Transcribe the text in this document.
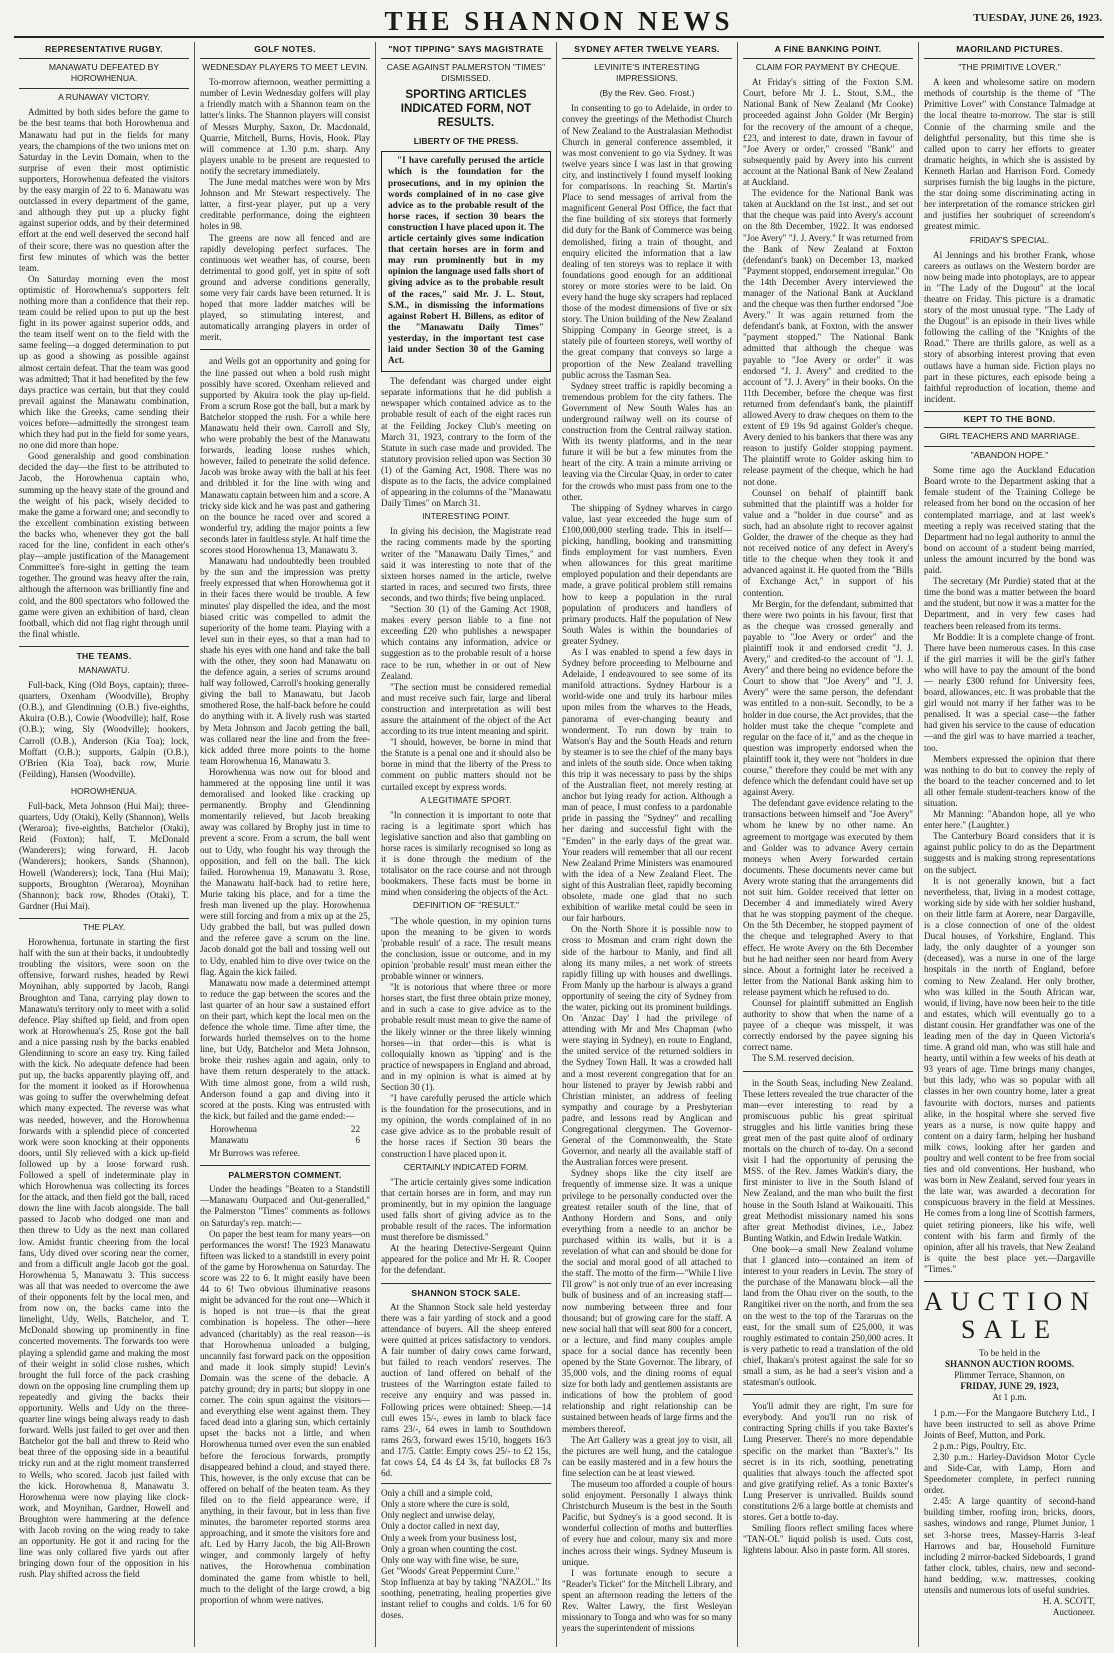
THE SHANNON NEWS	TUESDAY, JUNE 26, 1923.
REPRESENTATIVE RUGBY.
MANAWATU DEFEATED BY HOROWHENUA.
A RUNAWAY VICTORY.

Admitted by both sides before the game to be the best teams that both Horowhenua and Manawatu had put in the fields for many years, the champions of the two unions met on Saturday in the Levin Domain, when to the surprise of even their most optimistic supporters, Horowhenua defeated the visitors by the easy margin of 22 to 6. Manawatu was outclassed in every department of the game, and although they put up a plucky fight against superior odds, and by their determined effort at the end well deserved the second half of their score, there was no question after the first few minutes of which was the better team.

On Saturday morning even the most optimistic of Horowhenua's supporters felt nothing more than a confidence that their rep. team could be relied upon to put up the best fight in its power against superior odds, and the team itself went on to the field with the same feeling—a dogged determination to put up as good a showing as possible against almost certain defeat. That the team was good was admitted; That it had benefited by the few days practice was certain, but that they could prevail against the Manawatu combination, which like the Greeks, came sending their voices before—admittedly the strongest team which they had put in the field for some years, no one did more than hope.

Good generalship and good combination decided the day—the first to be attributed to Jacob, the Horowhenua captain who, summing up the heavy state of the ground and the weight of his pack, wisely decided to make the game a forward one; and secondly to the excellent combination existing between the backs who, whenever they got the ball raced for the line, confident in each other's play—ample justification of the Management Committee's fore-sight in getting the team together. The ground was heavy after the rain, although the afternoon was brilliantly fine and cold, and the 800 spectators who followed the game were given an exhibition of hard, clean football, which did not flag right through until the final whistle.

THE TEAMS.
MANAWATU.

Full-back, King (Old Boys, captain); three-quarters, Oxenham (Woodville), Brophy (O.B.), and Glendinning (O.B.) five-eighths, Akuira (O.B.), Cowie (Woodville); half, Rose (O.B.); wing, Sly (Woodville); hookers, Carroll (O.B.), Anderson (Kia Toa); lock, Moffatt (O.B.); supports, Galpin (O.B.), O'Brien (Kia Toa), back row, Murie (Feilding), Hansen (Woodville).

HOROWHENUA.

Full-back, Meta Johnson (Hui Mai); three-quarters, Udy (Otaki), Kelly (Shannon), Wells (Weraroa); five-eighths, Batchelor (Otaki), Reid (Foxton); half, T. McDonald (Wanderers); wing forward, H. Jacob (Wanderers); hookers, Sands (Shannon), Howell (Wanderers); lock, Tana (Hui Mai); supports, Broughton (Weraroa), Moynihan (Shannon); back row, Rhodes (Otaki), T. Gardner (Hui Mai).

THE PLAY.

Horowhenua, fortunate in starting the first half with the sun at their backs, it undoubtedly troubling the visitors, were soon on the offensive, forward rushes, headed by Rewi Moynihan, ably supported by Jacob, Rangi Broughton and Tana, carrying play down to Manawatu's territory only to meet with a solid defence. Play shifted up field, and from open work at Horowhenua's 25, Rose got the ball and a nice passing rush by the backs enabled Glendinning to score an easy try. King failed with the kick. No adequate defence had been put up, the backs apparently playing off, and for the moment it looked as if Horowhenua was going to suffer the overwhelming defeat which many expected. The reverse was what was needed, however, and the Horowhenua forwards with a splendid piece of concerted work were soon knocking at their opponents doors, until Sly relieved with a kick up-field followed up by a loose forward rush. Followed a spell of indeterminate play in which Horowhenua was collecting its forces for the attack, and then field got the ball, raced down the line with Jacob alongside. The ball passed to Jacob who dodged one man and then threw to Udy as the next man collared low. Amidst frantic cheering from the local fans, Udy dived over scoring near the corner, and from a difficult angle Jacob got the goal. Horowhenua 5, Manawatu 3. This success was all that was needed to overcome the awe of their opponents felt by the local men, and from now on, the backs came into the limelight, Udy, Wells, Batchelor, and T. McDonald showing up prominently in fine concerted movements. The forwards too were playing a splendid game and making the most of their weight in solid close rushes, which brought the full force of the pack crashing down on the opposing line crumpling them up repeatedly and giving the backs their opportunity. Wells and Udy on the three-quarter line wings being always ready to dash forward. Wells just failed to get over and then Batchelor got the ball and threw to Reid who beat three of the opposing side in a beautiful tricky run and at the right moment transferred to Wells, who scored. Jacob just failed with the kick. Horowhenua 8, Manawatu 3. Horowhenua were now playing like clock-work, and Moynihan, Gardner, Howell and Broughton were hammering at the defence with Jacob roving on the wing ready to take an opportunity. He got it and racing for the line was only collared five yards out after bringing down four of the opposition in his rush. Play shifted across the field

GOLF NOTES.
WEDNESDAY PLAYERS TO MEET LEVIN.

To-morrow afternoon, weather permitting a number of Levin Wednesday golfers will play a friendly match with a Shannon team on the latter's links. The Shannon players will consist of Messrs Murphy, Saxon, Dr. Macdonald, Quarrie, Mitchell, Burns, Hovis, Hook. Play will commence at 1.30 p.m. sharp. Any players unable to be present are requested to notify the secretary immediately.

The June medal matches were won by Mrs Johnson and Mr Stewart respectively. The latter, a first-year player, put up a very creditable performance, doing the eighteen holes in 98.

The greens are now all fenced and are rapidly developing perfect surfaces. The continuous wet weather has, of course, been detrimental to good golf, yet in spite of soft ground and adverse conditions generally, some very fair cards have been returned. It is hoped that more ladder matches will be played, so stimulating interest, and automatically arranging players in order of merit.

and Wells got an opportunity and going for the line passed out when a bold rush might possibly have scored. Oxenham relieved and supported by Akuira took the play up-field. From a scrum Rose got the ball, but a mark by Batchelor stopped the rush. For a while here Manawatu held their own. Carroll and Sly, who were probably the best of the Manawatu forwards, leading loose rushes which, however, failed to penetrate the solid defence. Jacob was broke away with the ball at his feet and dribbled it for the line with wing and Manawatu captain between him and a score. A tricky side kick and he was past and gathering on the bounce he raced over and scored a wonderful try, adding the major points a few seconds later in faultless style. At half time the scores stood Horowhenua 13, Manawatu 3.

Manawatu had undoubtedly been troubled by the sun and the impression was pretty freely expressed that when Horowhenua got it in their faces there would be trouble. A few minutes' play dispelled the idea, and the most biased critic was compelled to admit the superiority of the home team. Playing with a level sun in their eyes, so that a man had to shade his eyes with one hand and take the ball with the other, they soon had Manawatu on the defence again, a series of scrums around half way followed, Carroll's hooking generally giving the ball to Manawatu, but Jacob smothered Rose, the half-back before he could do anything with it. A lively rush was started by Meta Johnson and Jacob getting the ball, was collared near the line and from the free-kick added three more points to the home team Horowhenua 16, Manawatu 3.

Horowhenua was now out for blood and hammered at the opposing line until it was demoralised and looked like cracking up permanently. Brophy and Glendinning momentarily relieved, but Jacob breaking away was collared by Brophy just in time to prevent a score. From a scrum, the ball went out to Udy, who fought his way through the opposition, and fell on the ball. The kick failed. Horowhenua 19, Manawatu 3. Rose, the Manawatu half-back had to retire here, Murie taking his place, and for a time the fresh man livened up the play. Horowhenua were still forcing and from a mix up at the 25, Udy grabbed the ball, but was pulled down and the referee gave a scrum on the line. Jacob donald got the ball and tossing well out to Udy, enabled him to dive over twice on the flag. Again the kick failed.

Manawatu now made a determined attempt to reduce the gap between the scores and the last quarter of an hour saw a sustained effort on their part, which kept the local men on the defence the whole time. Time after time, the forwards hurled themselves on to the home line, but Udy, Batchelor and Meta Johnson, broke their rushes again and again, only to have them return desperately to the attack. With time almost gone, from a wild rush, Anderson found a gap and diving into it scored at the posts. King was entrusted with the kick, but failed and the game ended:—

Horowhenua	22
Manawatu	6

Mr Burrows was referee.

PALMERSTON COMMENT.

Under the headings "Beaten to a Standstill—Manawatu Outpaced and Out-generalled," the Palmerston "Times" comments as follows on Saturday's rep. match:—

On paper the best team for many years—on performances the worst! The 1923 Manawatu fifteen was licked to a standstill in every point of the game by Horowhenua on Saturday. The score was 22 to 6. It might easily have been 44 to 6! Two obvious illuminative reasons might be advanced for the rout one—Which it is hoped is not true—is that the great combination is hopeless. The other—here advanced (charitably) as the real reason—is that Horowhenua unloaded a bulging, uncannily fast forward pack on the opposition and made it look simply stupid! Levin's Domain was the scene of the debacle. A patchy ground; dry in parts; but sloppy in one corner. The coin spun against the visitors—and everything else went against them. They faced dead into a glaring sun, which certainly upset the backs not a little, and when Horowhenua turned over even the sun enabled before the ferocious forwards, promptly disappeared behind a cloud, and stayed there. This, however, is the only excuse that can be offered on behalf of the beaten team. As they filed on to the field appearance were, if anything, in their favour, but in less than five minutes, the barometer reported storms area approaching, and it smote the visitors fore and aft. Led by Harry Jacob, the big All-Brown winger, and commonly largely of hefty natives, the Horowhenua combination dominated the game from whistle to bell, much to the delight of the large crowd, a big proportion of whom were natives.

"NOT TIPPING" SAYS MAGISTRATE
CASE AGAINST PALMERSTON "TIMES" DISMISSED.
SPORTING ARTICLES INDICATED FORM, NOT RESULTS.
LIBERTY OF THE PRESS.

"I have carefully perused the article which is the foundation for the prosecutions, and in my opinion the words complained of in no case give advice as to the probable result of the horse races, if section 30 bears the construction I have placed upon it. The article certainly gives some indication that certain horses are in form and may run prominently but in my opinion the language used falls short of giving advice as to the probable result of the races," said Mr. J. L. Stout, S.M., in dismissing the informations against Robert H. Billens, as editor of the "Manawatu Daily Times" yesterday, in the important test case laid under Section 30 of the Gaming Act.

The defendant was charged under eight separate informations that he did publish a newspaper which contained advice as to the probable result of each of the eight races run at the Feilding Jockey Club's meeting on March 31, 1923, contrary to the form of the Statute in such case made and provided. The statutory provision relied upon was Section 30 (1) of the Gaming Act, 1908. There was no dispute as to the facts, the advice complained of appearing in the columns of the "Manawatu Daily Times" on March 31.

INTERESTING POINT.

In giving his decision, the Magistrate read the racing comments made by the sporting writer of the "Manawatu Daily Times," and said it was interesting to note that of the sixteen horses named in the article, twelve started in races, and secured two firsts, three seconds, and two thirds; five being unplaced.

"Section 30 (1) of the Gaming Act 1908, makes every person liable to a fine not exceeding £20 who publishes a newspaper which contains any information, advice or suggestion as to the probable result of a horse race to be run, whether in or out of New Zealand.

"The section must be considered remedial and must receive such fair, large and liberal construction and interpretation as will best assure the attainment of the object of the Act according to its true intent meaning and spirit.

"I should, however, be borne in mind that the Statute is a penal one and it should also be borne in mind that the liberty of the Press to comment on public matters should not be curtailed except by express words.

A LEGITIMATE SPORT.

"In connection it is important to note that racing is a legitimate sport which has legislative sanction and also that gambling on horse races is similarly recognised so long as it is done through the medium of the totalisator on the race course and not through bookmakers. These facts must be borne in mind when considering the objects of the Act.

DEFINITION OF "RESULT."

"The whole question, in my opinion turns upon the meaning to be given to words 'probable result' of a race. The result means the conclusion, issue or outcome, and in my opinion 'probable result' must mean either the probable winner or winners.

"It is notorious that where three or more horses start, the first three obtain prize money, and in such a case to give advice as to the probable result must mean to give the name of the likely winner or the three likely winning horses—in that order—this is what is colloquially known as 'tipping' and is the practice of newspapers in England and abroad, and in my opinion is what is aimed at by Section 30 (1).

"I have carefully perused the article which is the foundation for the prosecutions, and in my opinion, the words complained of in no case give advice as to the probable result of the horse races if Section 30 bears the construction I have placed upon it.

CERTAINLY INDICATED FORM.

"The article certainly gives some indication that certain horses are in form, and may run prominently, but in my opinion the language used falls short of giving advice as to the probable result of the races. The information must therefore be dismissed."

At the hearing Detective-Sergeant Quinn appeared for the police and Mr H. R. Cooper for the defendant.

SHANNON STOCK SALE.

At the Shannon Stock sale held yesterday there was a fair yarding of stock and a good attendance of buyers. All the sheep entered were quitted at prices satisfactory to vendors. A fair number of dairy cows came forward, but failed to reach vendors' reserves. The auction of land offered on behalf of the trustees of the Warrington estate failed to receive any enquiry and was passed in. Following prices were obtained: Sheep.—14 cull ewes 15/-, ewes in lamb to black face rams 23/-, 64 ewes in lamb to Southdown rams 26/3, forward ewes 15/10, hoggets 16/3 and 17/5. Cattle: Empty cows 25/- to £2 15s, fat cows £4, £4 4s £4 3s, fat bullocks £8 7s 6d.

Only a chill and a simple cold,

Only a store where the cure is sold,

Only neglect and unwise delay,

Only a doctor called in next day,

Only a week from your business lost,

Only a groan when counting the cost.

Only one way with fine wise, be sure,

Get "Woods' Great Peppermint Cure."

Stop Influenza at bay by taking "NAZOL." Its soothing, penetrating, healing properties give instant relief to coughs and colds. 1/6 for 60 doses.

SYDNEY AFTER TWELVE YEARS.
LEVINITE'S INTERESTING IMPRESSIONS.
(By the Rev. Geo. Frost.)

In consenting to go to Adelaide, in order to convey the greetings of the Methodist Church of New Zealand to the Australasian Methodist Church in general conference assembled, it was most convenient to go via Sydney. It was twelve years since I was last in that growing city, and instinctively I found myself looking for comparisons. In reaching St. Martin's Place to send messages of arrival from the magnificent General Post Office, the fact that the fine building of six storeys that formerly did duty for the Bank of Commerce was being demolished, firing a train of thought, and enquiry elicited the information that a law dealing of ten storeys was to replace it with foundations good enough for an additional storey or more stories were to be laid. On every hand the huge sky scrapers had replaced those of the modest dimensions of five or six story. The Union building of the New Zealand Shipping Company in George street, is a stately pile of fourteen storeys, well worthy of the great company that conveys so large a proportion of the New Zealand travelling public across the Tasman Sea.

Sydney street traffic is rapidly becoming a tremendous problem for the city fathers. The Government of New South Wales has an underground railway well on its course of construction from the Central railway station. With its twenty platforms, and in the near future it will be but a few minutes from the heart of the city. A train a minute arriving or leaving via the Circular Quay, in order to cater for the crowds who must pass from one to the other.

The shipping of Sydney wharves in cargo value, last year exceeded the huge sum of £100,000,000 sterling trade. This in itself—picking, handling, booking and transmitting finds employment for vast numbers. Even when allowances for this great maritime employed population and their dependants are made, a grave political problem still remains how to keep a population in the rural population of producers and handlers of primary products. Half the population of New South Wales is within the boundaries of greater Sydney.

As I was enabled to spend a few days in Sydney before proceeding to Melbourne and Adelaide, I endeavoured to see some of its manifold attractions. Sydney Harbour is a world-wide one and truly its harbour miles upon miles from the wharves to the Heads, panorama of ever-changing beauty and wonderment. To run down by train to Watson's Bay and the South Heads and return by steamer is to see the chief of the many bays and inlets of the south side. Once when taking this trip it was necessary to pass by the ships of the Australian fleet, not merely resting at anchor but lying ready for action. Although a man of peace, I must confess to a pardonable pride in passing the "Sydney" and recalling her daring and successful fight with the "Emden" in the early days of the great war. Your readers will remember that all our recent New Zealand Prime Ministers was enamoured with the idea of a New Zealand Fleet. The sight of this Australian fleet, rapidly becoming obsolete, made one glad that no such exhibition of warlike metal could be seen in our fair harbours.

On the North Shore it is possible now to cross to Mosman and cram right down the side of the harbour to Manly, and find all along its many miles, a net work of streets rapidly filling up with houses and dwellings. From Manly up the harbour is always a grand opportunity of seeing the city of Sydney from the water, picking out its prominent buildings. On 'Anzac Day' I had the privilege of attending with Mr and Mrs Chapman (who were staying in Sydney), en route to England, the united service of the returned soldiers in the Sydney Town Hall. It was a crowded hall and a most reverent congregation that for an hour listened to prayer by Jewish rabbi and Christian minister, an address of feeling sympathy and courage by a Presbyterian padre, and lessons read by Anglican and Congregational clergymen. The Governor-General of the Commonwealth, the State Governor, and nearly all the available staff of the Australian forces were present.

Sydney shops like the city itself are frequently of immense size. It was a unique privilege to be personally conducted over the greatest retailer south of the line, that of Anthony Hordern and Sons, and only everything from a needle to an anchor be purchased within its walls, but it is a revelation of what can and should be done for the social and moral good of all attached to the staff. The motto of the firm—"While I live I'll grow" is not only true of an ever increasing bulk of business and of an increasing staff—now numbering between three and four thousand; but of growing care for the staff. A new social hall that will seat 800 for a concert, or a lecture, and find many couples ample space for a social dance has recently been opened by the State Governor. The library, of 35,000 vols, and the dining rooms of equal size for both lady and gentlemen assistants are indications of how the problem of good relationship and right relationship can be sustained between heads of large firms and the members thereof.

The Art Gallery was a great joy to visit, all the pictures are well hung, and the catalogue can be easily mastered and in a few hours the fine selection can be at least viewed.

The museum too afforded a couple of hours solid enjoyment. Personally I always think Christchurch Museum is the best in the South Pacific, but Sydney's is a good second. It is wonderful collection of moths and butterflies of every hue and colour, many six and more inches across their wings. Sydney Museum is unique.

I was fortunate enough to secure a "Reader's Ticket" for the Mitchell Library, and spent an afternoon reading the letters of the Rev. Walter Lawry, the first Wesleyan missionary to Tonga and who was for so many years the superintendent of missions

A FINE BANKING POINT.
CLAIM FOR PAYMENT BY CHEQUE.

At Friday's sitting of the Foxton S.M. Court, before Mr J. L. Stout, S.M., the National Bank of New Zealand (Mr Cooke) proceeded against John Golder (Mr Bergin) for the recovery of the amount of a cheque, £23, and interest to date, drawn in favour of "Joe Avery or order," crossed "Bank" and subsequently paid by Avery into his current account at the National Bank of New Zealand at Auckland.

The evidence for the National Bank was taken at Auckland on the 1st inst., and set out that the cheque was paid into Avery's account on the 8th December, 1922. It was endorsed "Joe Avery" "J. J. Avery." It was returned from the Bank of New Zealand at Foxton (defendant's bank) on December 13, marked "Payment stopped, endorsement irregular." On the 14th December Avery interviewed the manager of the National Bank at Auckland and the cheque was then further endorsed "Joe Avery." It was again returned from the defendant's bank, at Foxton, with the answer "payment stopped." The National Bank admitted that although the cheque was payable to "Joe Avery or order" it was endorsed "J. J. Avery" and credited to the account of "J. J. Avery" in their books. On the 11th December, before the cheque was first returned from defendant's bank, the plaintiff allowed Avery to draw cheques on them to the extent of £9 19s 9d against Golder's cheque. Avery denied to his bankers that there was any reason to justify Golder stopping payment. The plaintiff wrote to Golder asking him to release payment of the cheque, which he had not done.

Counsel on behalf of plaintiff bank submitted that the plaintiff was a holder for value and a "holder in due course" and as such, had an absolute right to recover against Golder, the drawer of the cheque as they had not received notice of any defect in Avery's title to the cheque when they took it and advanced against it. He quoted from the "Bills of Exchange Act," in support of his contention.

Mr Bergin, for the defendant, submitted that there were two points in his favour, first that as the cheque was crossed generally and payable to "Joe Avery or order" and the plaintiff took it and endorsed credit "J. J. Avery," and credited-to the account of "J. J. Avery" and there being no evidence before the Court to show that "Joe Avery" and "J. J. Avery" were the same person, the defendant was entitled to a non-suit. Secondly, to be a holder in due course, the Act provides, that the holder must take the cheque "complete and regular on the face of it," and as the cheque in question was improperly endorsed when the plaintiff took it, they were not "holders in due course," therefore they could be met with any defence which the defendant could have set up against Avery.

The defendant gave evidence relating to the transactions between himself and "Joe Avery" whom he knew by no other name. An agreement to mortgage was executed by them and Golder was to advance Avery certain moneys when Avery forwarded certain documents. These documents never came but Avery wrote stating that the arrangements did not suit him. Golder received that letter on December 4 and immediately wired Avery that he was stopping payment of the cheque. On the 5th December, he stopped payment of the cheque and telegraphed Avery to that effect. He wrote Avery on the 6th December but he had neither seen nor heard from Avery since. About a fortnight later he received a letter from the National Bank asking him to release payment which he refused to do.

Counsel for plaintiff submitted an English authority to show that when the name of a payee of a cheque was misspelt, it was correctly endorsed by the payee signing his correct name.

The S.M. reserved decision.

in the South Seas, including New Zealand. These letters revealed the true character of the man—ever interesting to read by a promiscuous public his great spiritual struggles and his little vanities bring these great men of the past quite aloof of ordinary mortals on the church of to-day. On a second visit I had the opportunity of perusing the MSS. of the Rev. James Watkin's diary, the first minister to live in the South Island of New Zealand, and the man who built the first house in the South Island at Waikouaiti. This great Methodist missionary named his sons after great Methodist divines, i.e., Jabez Bunting Watkin, and Edwin Iredale Watkin.

One book—a small New Zealand volume that I glanced into—contained an item of interest to your readers in Levin. The story of the purchase of the Manawatu block—all the land from the Ohau river on the south, to the Rangitikei river on the north, and from the sea on the west to the top of the Tararuas on the east, for the small sum of £25,000, it was roughly estimated to contain 250,000 acres. It is very pathetic to read a translation of the old chief, Ihakara's protest against the sale for so small a sum, as he had a seer's vision and a statesman's outlook.

You'll admit they are right, I'm sure for everybody. And you'll run no risk of contracting Spring chills if you take Baxter's Lung Preserver. There's no more dependable specific on the market than "Baxter's." Its secret is in its rich, soothing, penetrating qualities that always touch the affected spot and give gratifying relief. As a tonic Baxter's Lung Preserver is unrivalled. Builds sound constitutions 2/6 a large bottle at chemists and stores. Get a bottle to-day.

Smiling floors reflect smiling faces where "TAN-OL" liquid polish is used. Cuts cost, lightens labour. Also in paste form. All stores.

MAORILAND PICTURES.
"THE PRIMITIVE LOVER."

A keen and wholesome satire on modern methods of courtship is the theme of "The Primitive Lover" with Constance Talmadge at the local theatre to-morrow. The star is still Connie of the charming smile and the delightful personality, but this time she is called upon to carry her efforts to greater dramatic heights, in which she is assisted by Kenneth Harlan and Harrison Ford. Comedy surprises furnish the big laughs in the picture, the star doing some discriminating acting in her interpretation of the romance stricken girl and justifies her soubriquet of screendom's greatest mimic.

FRIDAY'S SPECIAL.

Al Jennings and his brother Frank, whose careers as outlaws on the Western border are now being made into photoplays, are to appear in "The Lady of the Dugout" at the local theatre on Friday. This picture is a dramatic story of the most unusual type. "The Lady of the Dugout" is an episode in their lives while following the calling of the "Knights of the Road." There are thrills galore, as well as a story of absorbing interest proving that even outlaws have a human side. Fiction plays no part in these pictures, each episode being a faithful reproduction of location, theme and incident.

KEPT TO THE BOND.
GIRL TEACHERS AND MARRIAGE.
"ABANDON HOPE."

Some time ago the Auckland Education Board wrote to the Department asking that a female student of the Training College be released from her bond on the occasion of her contemplated marriage, and at last week's meeting a reply was received stating that the Department had no legal authority to annul the bond on account of a student being married, unless the amount incurred by the bond was paid.

The secretary (Mr Purdie) stated that at the time the bond was a matter between the board and the student, but now it was a matter for the Department, and in very few cases had teachers been released from its terms.

Mr Boddie: It is a complete change of front. There have been numerous cases. In this case if the girl marries it will be the girl's father who will have to pay the amount of the bond — nearly £300 refund for University fees, board, allowances, etc. It was probable that the girl would not marry if her father was to be penalised. It was a special case—the father had given his service to the cause of education—and the girl was to have married a teacher, too.

Members expressed the opinion that there was nothing to do but to convey the reply of the board to the teacher concerned and to let all other female student-teachers know of the situation.

Mr Manning: "Abandon hope, all ye who enter here." (Laughter.)

The Canterbury Board considers that it is against public policy to do as the Department suggests and is making strong representations on the subject.

It is not generally known, but a fact nevertheless, that, living in a modest cottage, working side by side with her soldier husband, on their little farm at Aorere, near Dargaville, is a close connection of one of the oldest Ducal houses, of Yorkshire, England. This lady, the only daughter of a younger son (deceased), was a nurse in one of the large hospitals in the north of England, before coming to New Zealand. Her only brother, who was killed in the South African war, would, if living, have now been heir to the title and estates, which will eventually go to a distant cousin. Her grandfather was one of the leading men of the day in Queen Victoria's time. A grand old man, who was still hale and hearty, until within a few weeks of his death at 93 years of age. Time brings many changes, but this lady, who was so popular with all classes in her own country home, later a great favourite with doctors, nurses and patients alike, in the hospital where she served five years as a nurse, is now quite happy and content on a dairy farm, helping her husband milk cows, looking after her garden and poultry and well content to be free from social ties and old conventions. Her husband, who was born in New Zealand, served four years in the late war, was awarded a decoration for conspicuous bravery in the field at Messines. He comes from a long line of Scottish farmers, quiet retiring pioneers, like his wife, well content with his farm and firmly of the opinion, after all his travels, that New Zealand is quite the best place yet.—Dargaville "Times."

AUCTION
SALE

To be held in the

SHANNON AUCTION ROOMS.

Plimmer Terrace, Shannon, on

FRIDAY, JUNE 29, 1923,

At 1 p.m.

1 p.m.—For the Mangaore Butchery Ltd., I have been instructed to sell as above Prime Joints of Beef, Mutton, and Pork.

2 p.m.: Pigs, Poultry, Etc.

2.30 p.m.: Harley-Davidson Motor Cycle and Side-Car, with Lamp, Horn and Speedometer complete, in perfect running order.

2.45: A large quantity of second-hand building timber, roofing iron, bricks, doors, sashes, windows and range, Plumet Junior, 1 set 3-horse trees, Massey-Harris 3-leaf Harrows and bar, Household Furniture including 2 mirror-backed Sideboards, 1 grand father clock, tables, chairs, new and second-hand bedding, w.w. mattresses, cooking utensils and numerous lots of useful sundries.

H. A. SCOTT,

Auctioneer.
